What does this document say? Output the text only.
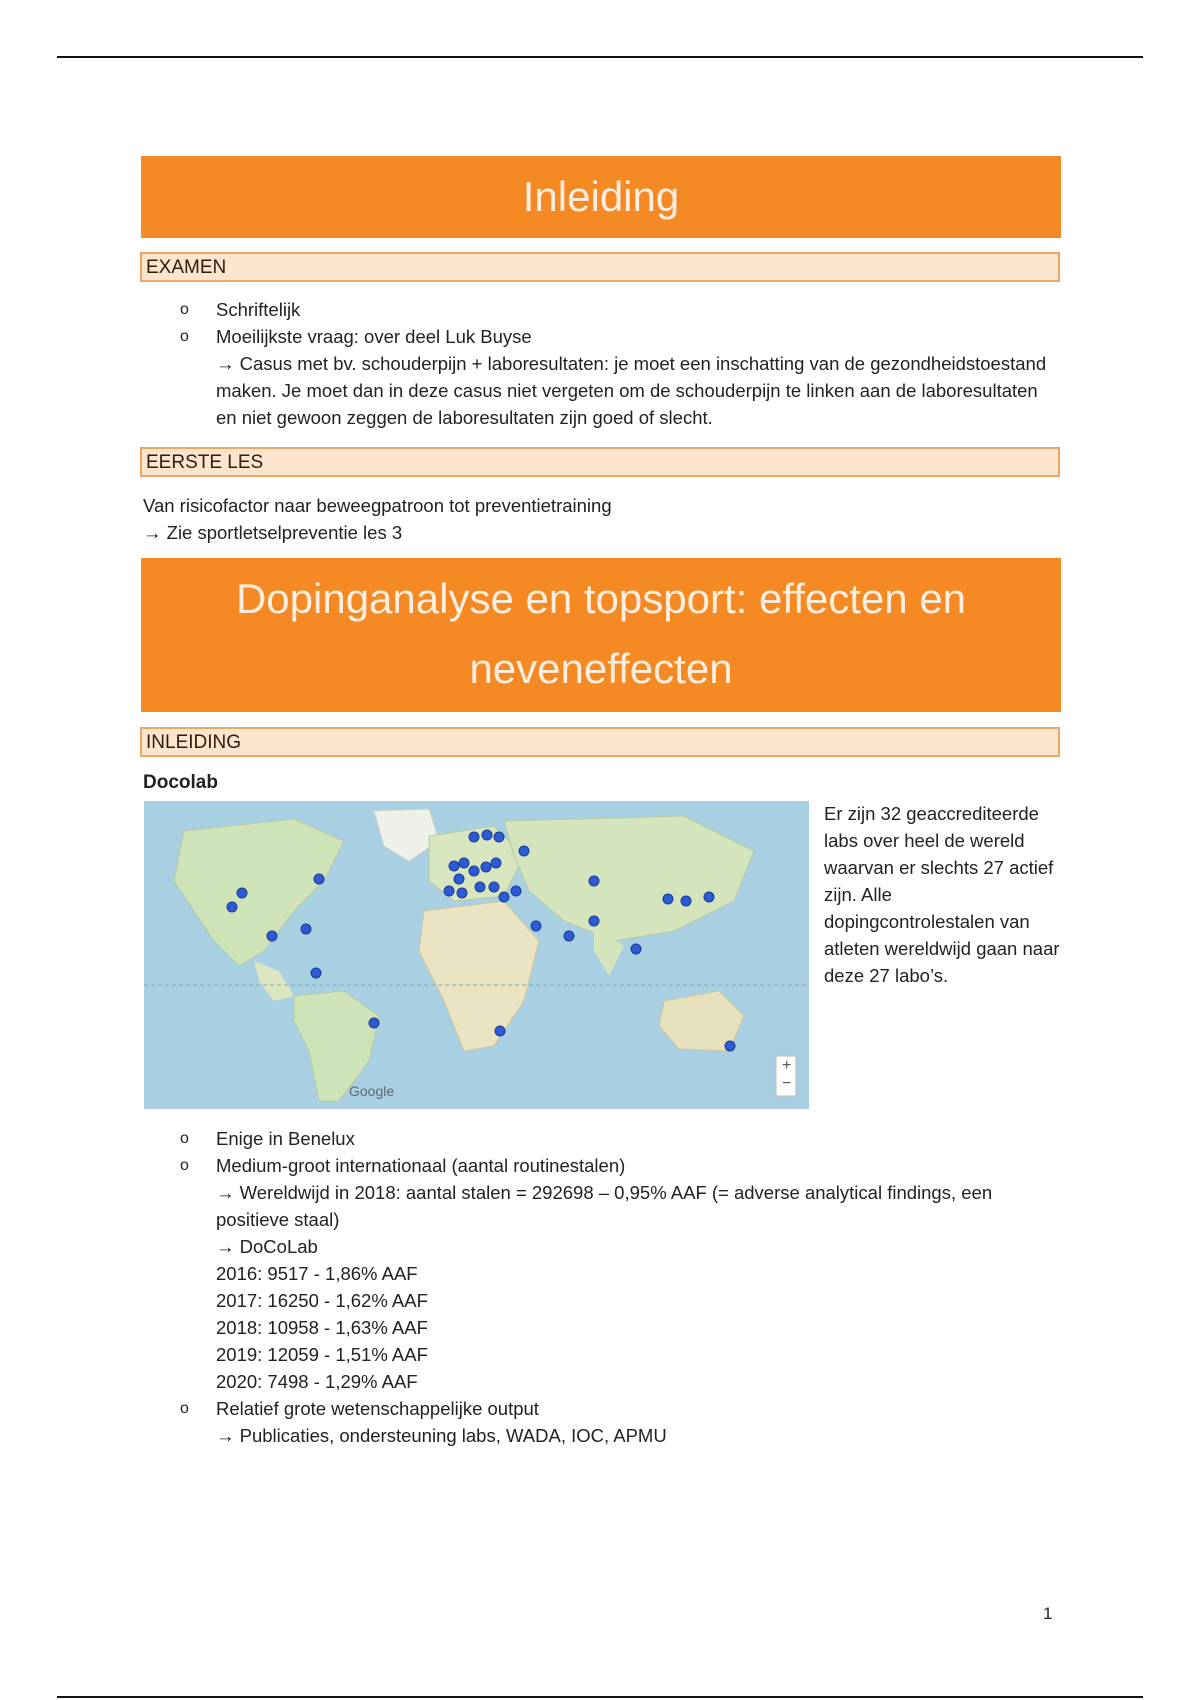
Inleiding
EXAMEN
o Schriftelijk
o Moeilijkste vraag: over deel Luk Buyse
→ Casus met bv. schouderpijn + laboresultaten: je moet een inschatting van de gezondheidstoestand maken. Je moet dan in deze casus niet vergeten om de schouderpijn te linken aan de laboresultaten en niet gewoon zeggen de laboresultaten zijn goed of slecht.
EERSTE LES
Van risicofactor naar beweegpatroon tot preventietraining
→ Zie sportletselpreventie les 3
Dopinganalyse en topsport: effecten en neveneffecten
INLEIDING
Docolab
+
−
Google
Er zijn 32 geaccrediteerde labs over heel de wereld waarvan er slechts 27 actief zijn. Alle dopingcontrolestalen van atleten wereldwijd gaan naar deze 27 labo’s.
o Enige in Benelux
o Medium-groot internationaal (aantal routinestalen)
→ Wereldwijd in 2018: aantal stalen = 292698 – 0,95% AAF (= adverse analytical findings, een positieve staal)
→ DoCoLab
2016: 9517 - 1,86% AAF
2017: 16250 - 1,62% AAF
2018: 10958 - 1,63% AAF
2019: 12059 - 1,51% AAF
2020: 7498 - 1,29% AAF
o Relatief grote wetenschappelijke output
→ Publicaties, ondersteuning labs, WADA, IOC, APMU
1
